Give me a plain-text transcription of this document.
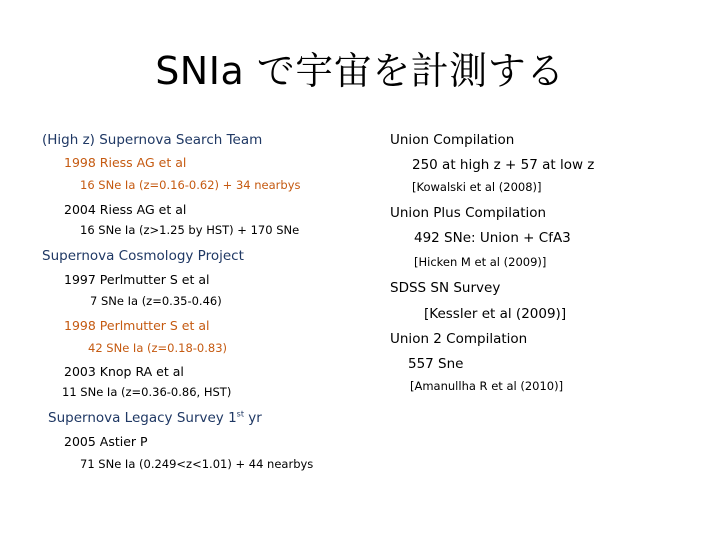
SNIa で宇宙を計測する
(High z) Supernova Search Team
1998 Riess AG et al
16 SNe Ia (z=0.16-0.62) + 34 nearbys
2004 Riess AG et al
16 SNe Ia (z>1.25 by HST) + 170 SNe
Supernova Cosmology Project
1997 Perlmutter S et al
7 SNe Ia (z=0.35-0.46)
1998 Perlmutter S et al
42 SNe Ia (z=0.18-0.83)
2003 Knop RA et al
11 SNe Ia (z=0.36-0.86, HST)
Supernova Legacy Survey 1st yr
2005 Astier P
71 SNe Ia (0.249<z<1.01) + 44 nearbys
Union Compilation
250 at high z + 57 at low z
[Kowalski et al (2008)]
Union Plus Compilation
492 SNe: Union + CfA3
[Hicken M et al (2009)]
SDSS SN Survey
[Kessler et al (2009)]
Union 2 Compilation
557 Sne
[Amanullha R et al (2010)]
